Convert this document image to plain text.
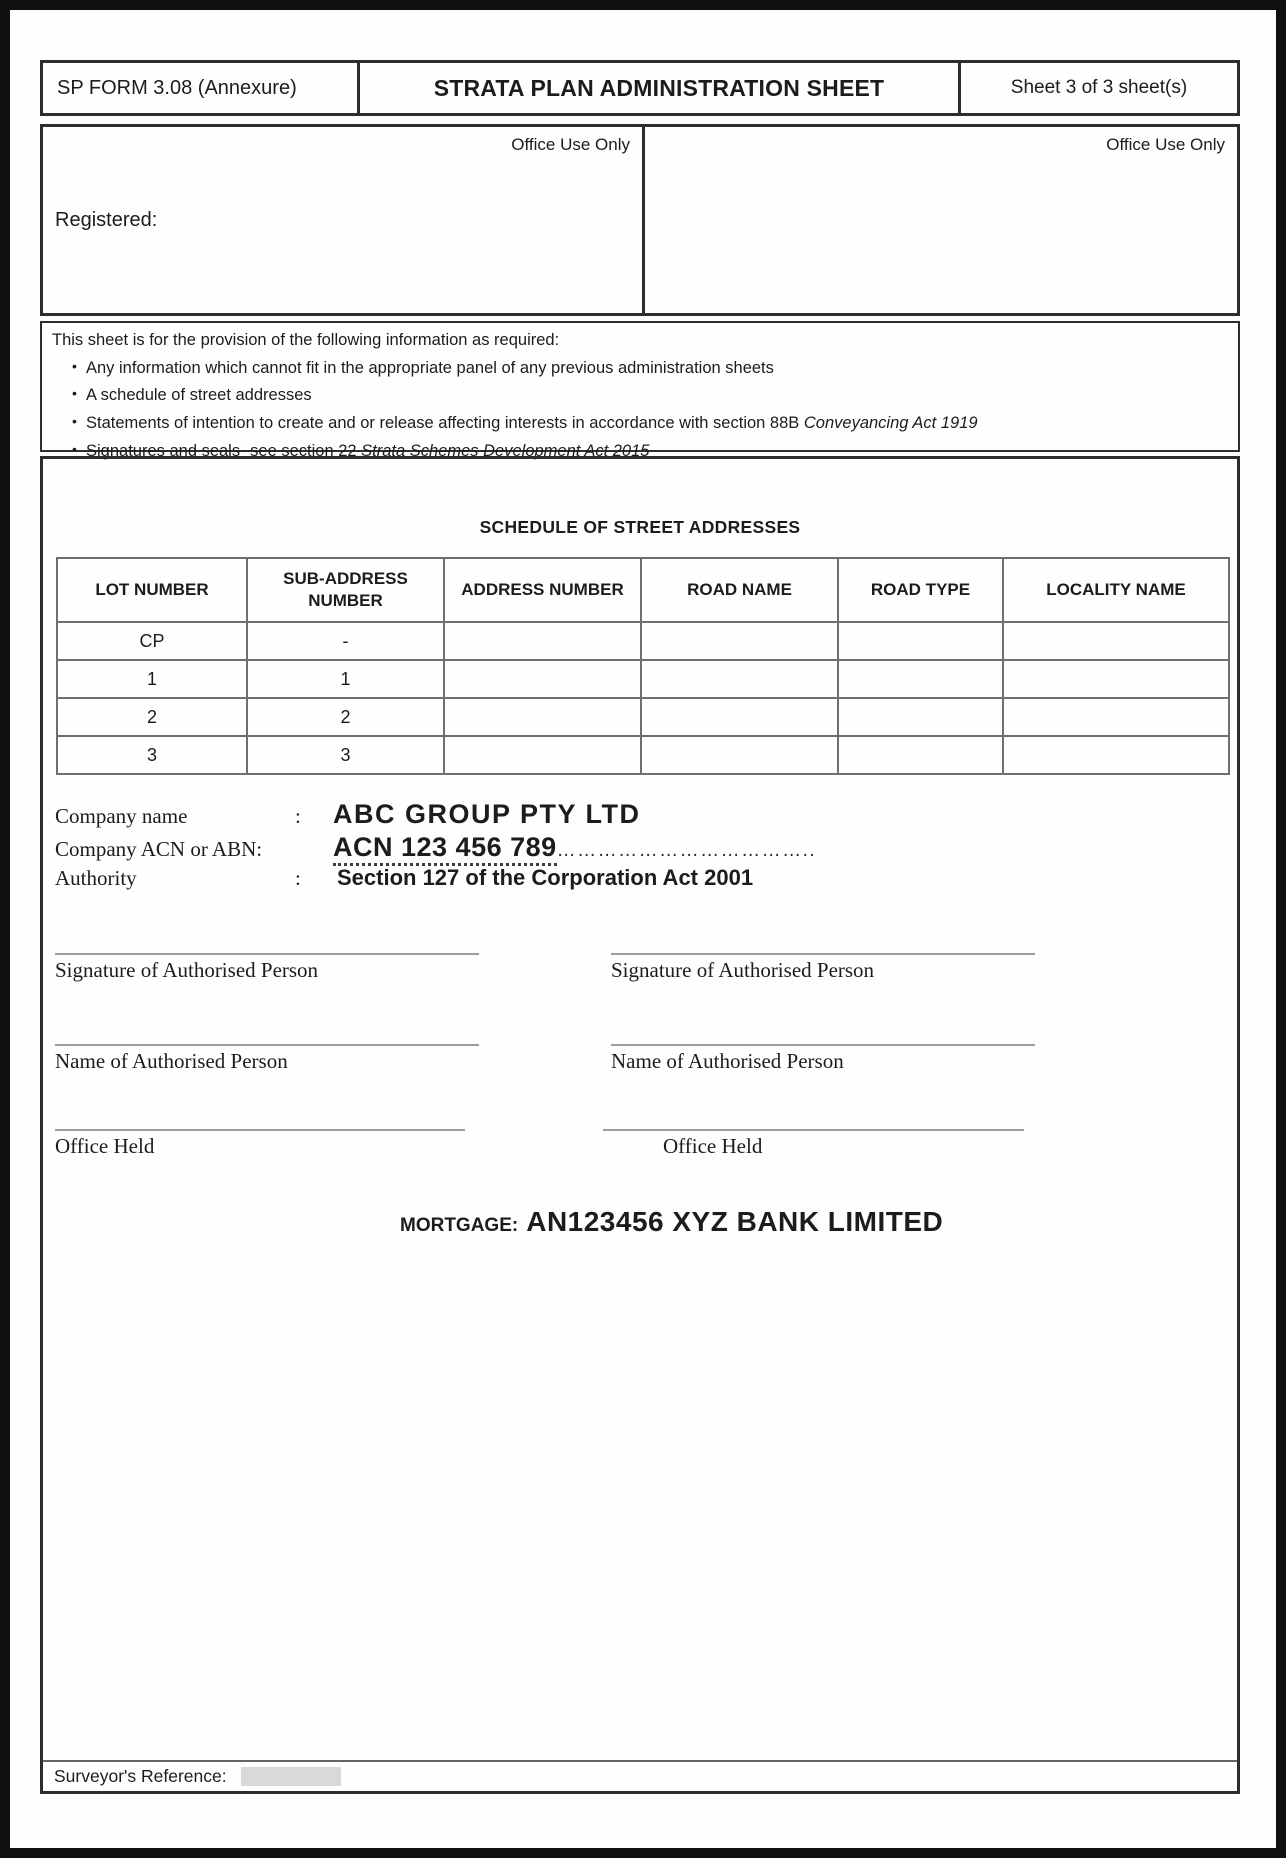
SP FORM 3.08 (Annexure)	STRATA PLAN ADMINISTRATION SHEET	Sheet 3 of 3 sheet(s)
Office Use Only
Registered:
Office Use Only
This sheet is for the provision of the following information as required:
• Any information which cannot fit in the appropriate panel of any previous administration sheets
• A schedule of street addresses
• Statements of intention to create and or release affecting interests in accordance with section 88B Conveyancing Act 1919
• Signatures and seals- see section 22 Strata Schemes Development Act 2015
SCHEDULE OF STREET ADDRESSES
LOT NUMBER	SUB-ADDRESS NUMBER	ADDRESS NUMBER	ROAD NAME	ROAD TYPE	LOCALITY NAME
CP	-				
1	1				
2	2				
3	3				
Company name	:	ABC GROUP PTY LTD
Company ACN or ABN:	ACN 123 456 789 ………………………………..
Authority	:	Section 127 of the Corporation Act 2001
Signature of Authorised Person
Name of Authorised Person
Office Held
Signature of Authorised Person
Name of Authorised Person
Office Held
MORTGAGE: AN123456 XYZ BANK LIMITED
Surveyor's Reference:
